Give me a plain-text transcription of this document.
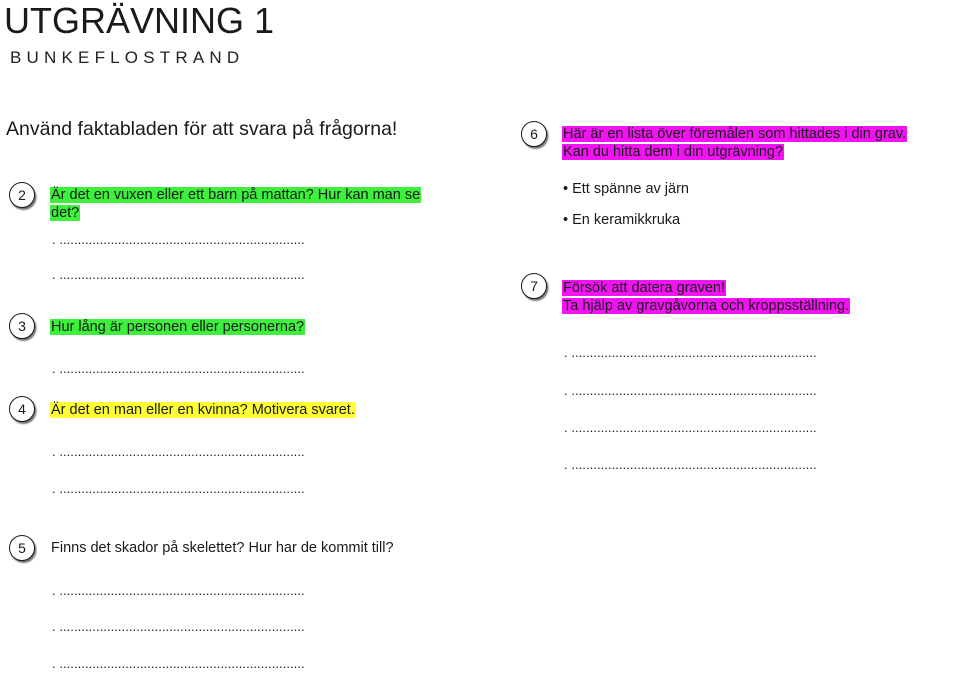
UTGRÄVNING 1
BUNKEFLOSTRAND
Använd faktabladen för att svara på frågorna!
2	Är det en vuxen eller ett barn på mattan? Hur kan man se
det?
. ...................................................................
. ...................................................................
3	Hur lång är personen eller personerna?
. ...................................................................
4	Är det en man eller en kvinna? Motivera svaret.
. ...................................................................
. ...................................................................
5	Finns det skador på skelettet? Hur har de kommit till?
. ...................................................................
. ...................................................................
. ...................................................................
6	Här är en lista över föremålen som hittades i din grav.
Kan du hitta dem i din utgrävning?
• Ett spänne av järn
• En keramikkruka
7	Försök att datera graven!
Ta hjälp av gravgåvorna och kroppsställning.
. ...................................................................
. ...................................................................
. ...................................................................
. ...................................................................
